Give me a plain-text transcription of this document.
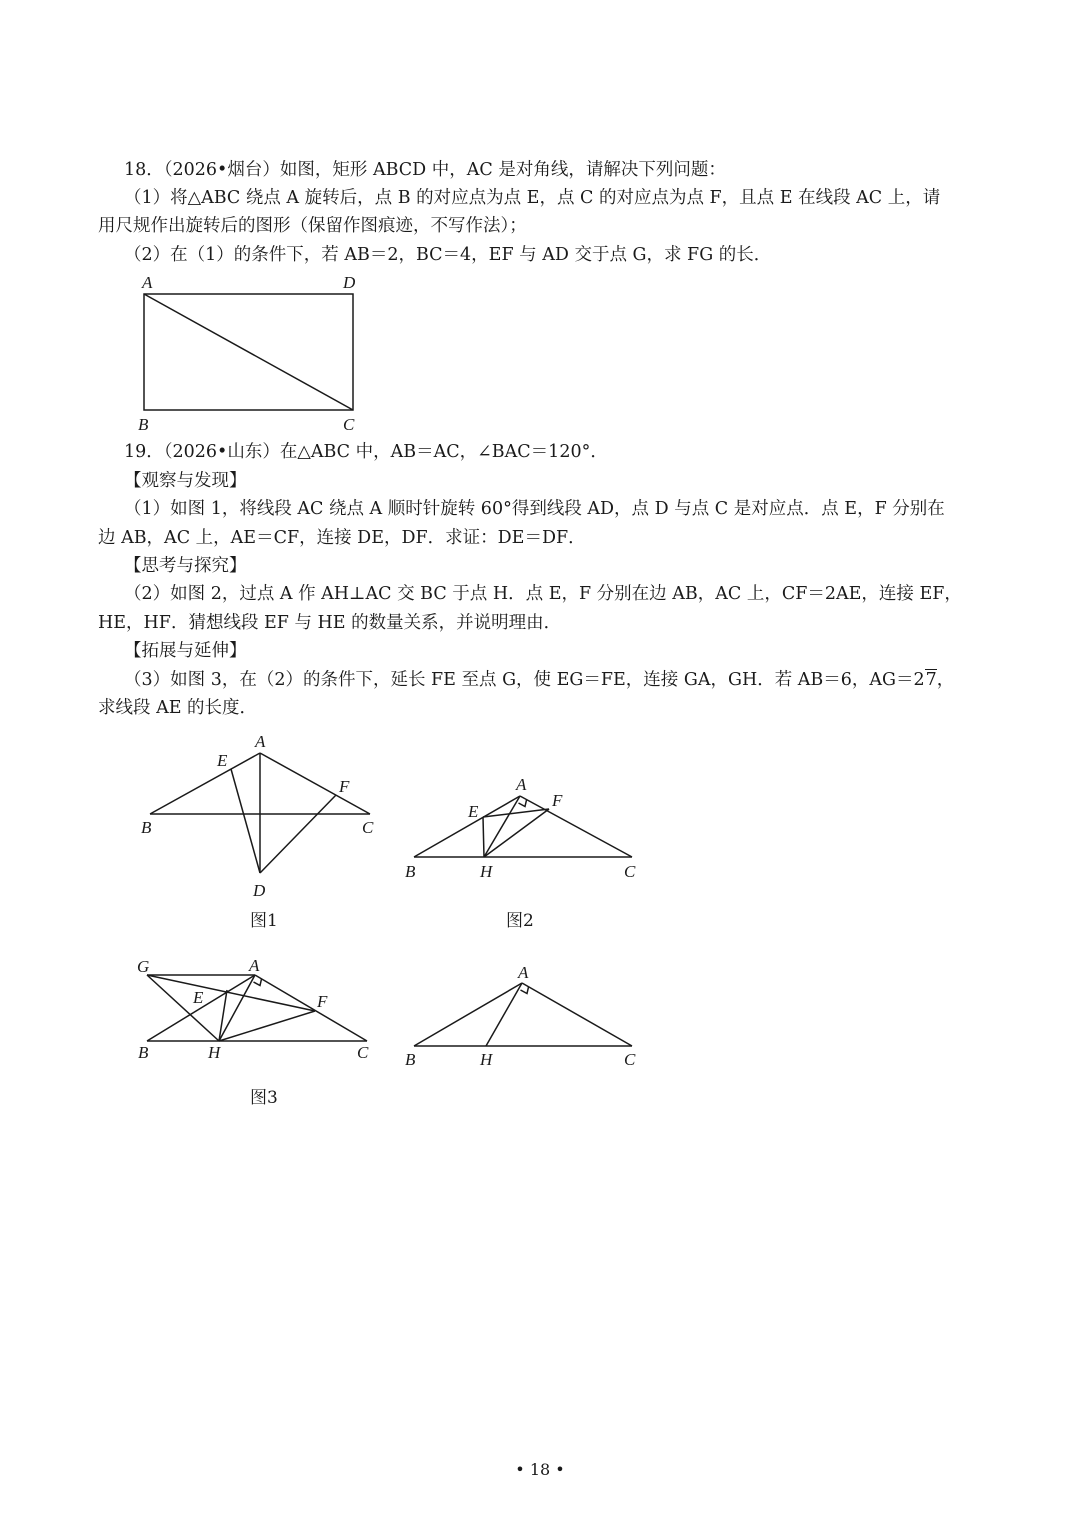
18．（2026•烟台）如图，矩形 ABCD 中，AC 是对角线，请解决下列问题：
（1）将△ABC 绕点 A 旋转后，点 B 的对应点为点 E，点 C 的对应点为点 F，且点 E 在线段 AC 上，请
用尺规作出旋转后的图形（保留作图痕迹，不写作法）；
（2）在（1）的条件下，若 AB＝2，BC＝4，EF 与 AD 交于点 G，求 FG 的长．
A	D
B	C
19．（2026•山东）在△ABC 中，AB＝AC，∠BAC＝120°．
【观察与发现】
（1）如图 1，将线段 AC 绕点 A 顺时针旋转 60°得到线段 AD，点 D 与点 C 是对应点．点 E，F 分别在
边 AB，AC 上，AE＝CF，连接 DE，DF．求证：DE＝DF．
【思考与探究】
（2）如图 2，过点 A 作 AH⊥AC 交 BC 于点 H．点 E，F 分别在边 AB，AC 上，CF＝2AE，连接 EF，
HE，HF．猜想线段 EF 与 HE 的数量关系，并说明理由．
【拓展与延伸】
（3）如图 3，在（2）的条件下，延长 FE 至点 G，使 EG＝FE，连接 GA，GH．若 AB＝6，AG＝27，
求线段 AE 的长度．
A
E
F
B	C
D
图1
A
E
F
B	H	C
图2
G	A
E	F
B	H	C
图3
A
B	H	C
• 18 •
